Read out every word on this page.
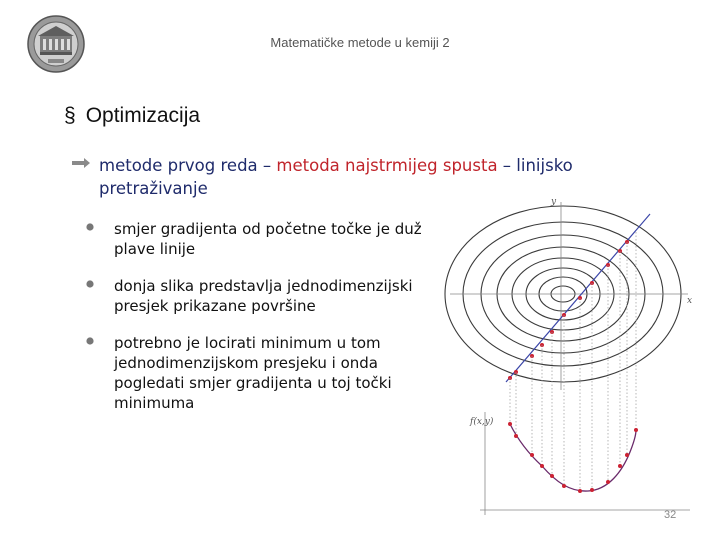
Matematičke metode u kemiji 2
§ Optimizacija
metode prvog reda – metoda najstrmijeg spusta – linijsko pretraživanje
smjer gradijenta od početne točke je duž plave linije
donja slika predstavlja jednodimenzijski presjek prikazane površine
potrebno je locirati minimum u tom jednodimenzijskom presjeku i onda pogledati smjer gradijenta u toj točki minimuma
y
x
f(x,y)
32
